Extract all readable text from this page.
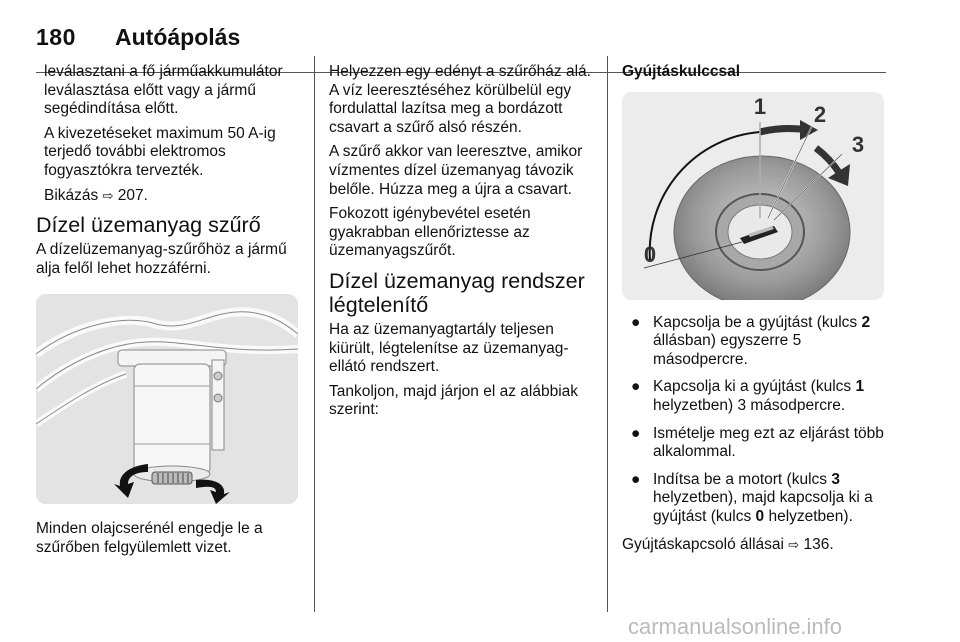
180 Autóápolás

leválasztani a fő járműakkumulátor leválasztása előtt vagy a jármű segédindítása előtt.

A kivezetéseket maximum 50 A-ig terjedő további elektromos fogyasztókra tervezték.

Bikázás ⇨ 207.

Dízel üzemanyag szűrő

A dízelüzemanyag-szűrőhöz a jármű alja felől lehet hozzáférni.

Minden olajcserénél engedje le a szűrőben felgyülemlett vizet.

Helyezzen egy edényt a szűrőház alá. A víz leeresztéséhez körülbelül egy fordulattal lazítsa meg a bordázott csavart a szűrő alsó részén.

A szűrő akkor van leeresztve, amikor vízmentes dízel üzemanyag távozik belőle. Húzza meg a újra a csavart.

Fokozott igénybevétel esetén gyakrabban ellenőriztesse az üzemanyagszűrőt.

Dízel üzemanyag rendszer légtelenítő

Ha az üzemanyagtartály teljesen kiürült, légtelenítse az üzemanyag-ellátó rendszert.

Tankoljon, majd járjon el az alábbiak szerint:

Gyújtáskulccsal
1 2
3
0
● Kapcsolja be a gyújtást (kulcs 2 állásban) egyszerre 5 másodpercre.
● Kapcsolja ki a gyújtást (kulcs 1 helyzetben) 3 másodpercre.
● Ismételje meg ezt az eljárást több alkalommal.
● Indítsa be a motort (kulcs 3 helyzetben), majd kapcsolja ki a gyújtást (kulcs 0 helyzetben).

Gyújtáskapcsoló állásai ⇨ 136.

carmanualsonline.info
